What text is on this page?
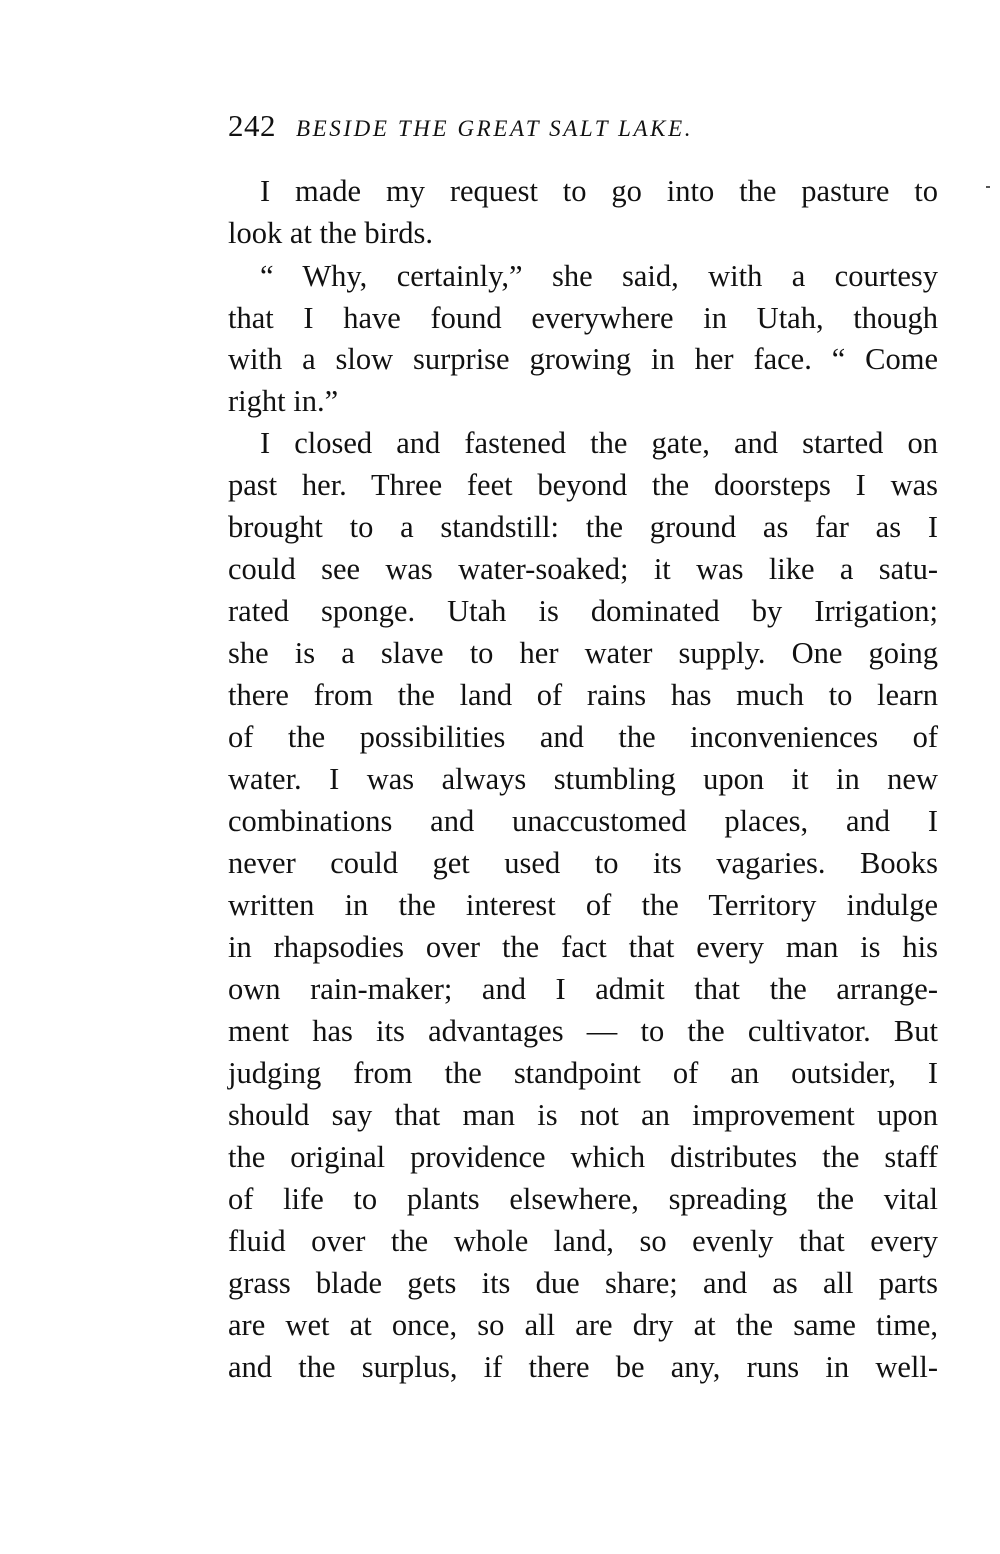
242 BESIDE THE GREAT SALT LAKE.
I made my request to go into the pasture to
look at the birds.
“ Why, certainly,” she said, with a courtesy
that I have found everywhere in Utah, though
with a slow surprise growing in her face. “ Come
right in.”
I closed and fastened the gate, and started on
past her. Three feet beyond the doorsteps I was
brought to a standstill: the ground as far as I
could see was water-soaked; it was like a satu-
rated sponge. Utah is dominated by Irrigation;
she is a slave to her water supply. One going
there from the land of rains has much to learn
of the possibilities and the inconveniences of
water. I was always stumbling upon it in new
combinations and unaccustomed places, and I
never could get used to its vagaries. Books
written in the interest of the Territory indulge
in rhapsodies over the fact that every man is his
own rain-maker; and I admit that the arrange-
ment has its advantages — to the cultivator. But
judging from the standpoint of an outsider, I
should say that man is not an improvement upon
the original providence which distributes the staff
of life to plants elsewhere, spreading the vital
fluid over the whole land, so evenly that every
grass blade gets its due share; and as all parts
are wet at once, so all are dry at the same time,
and the surplus, if there be any, runs in well-
